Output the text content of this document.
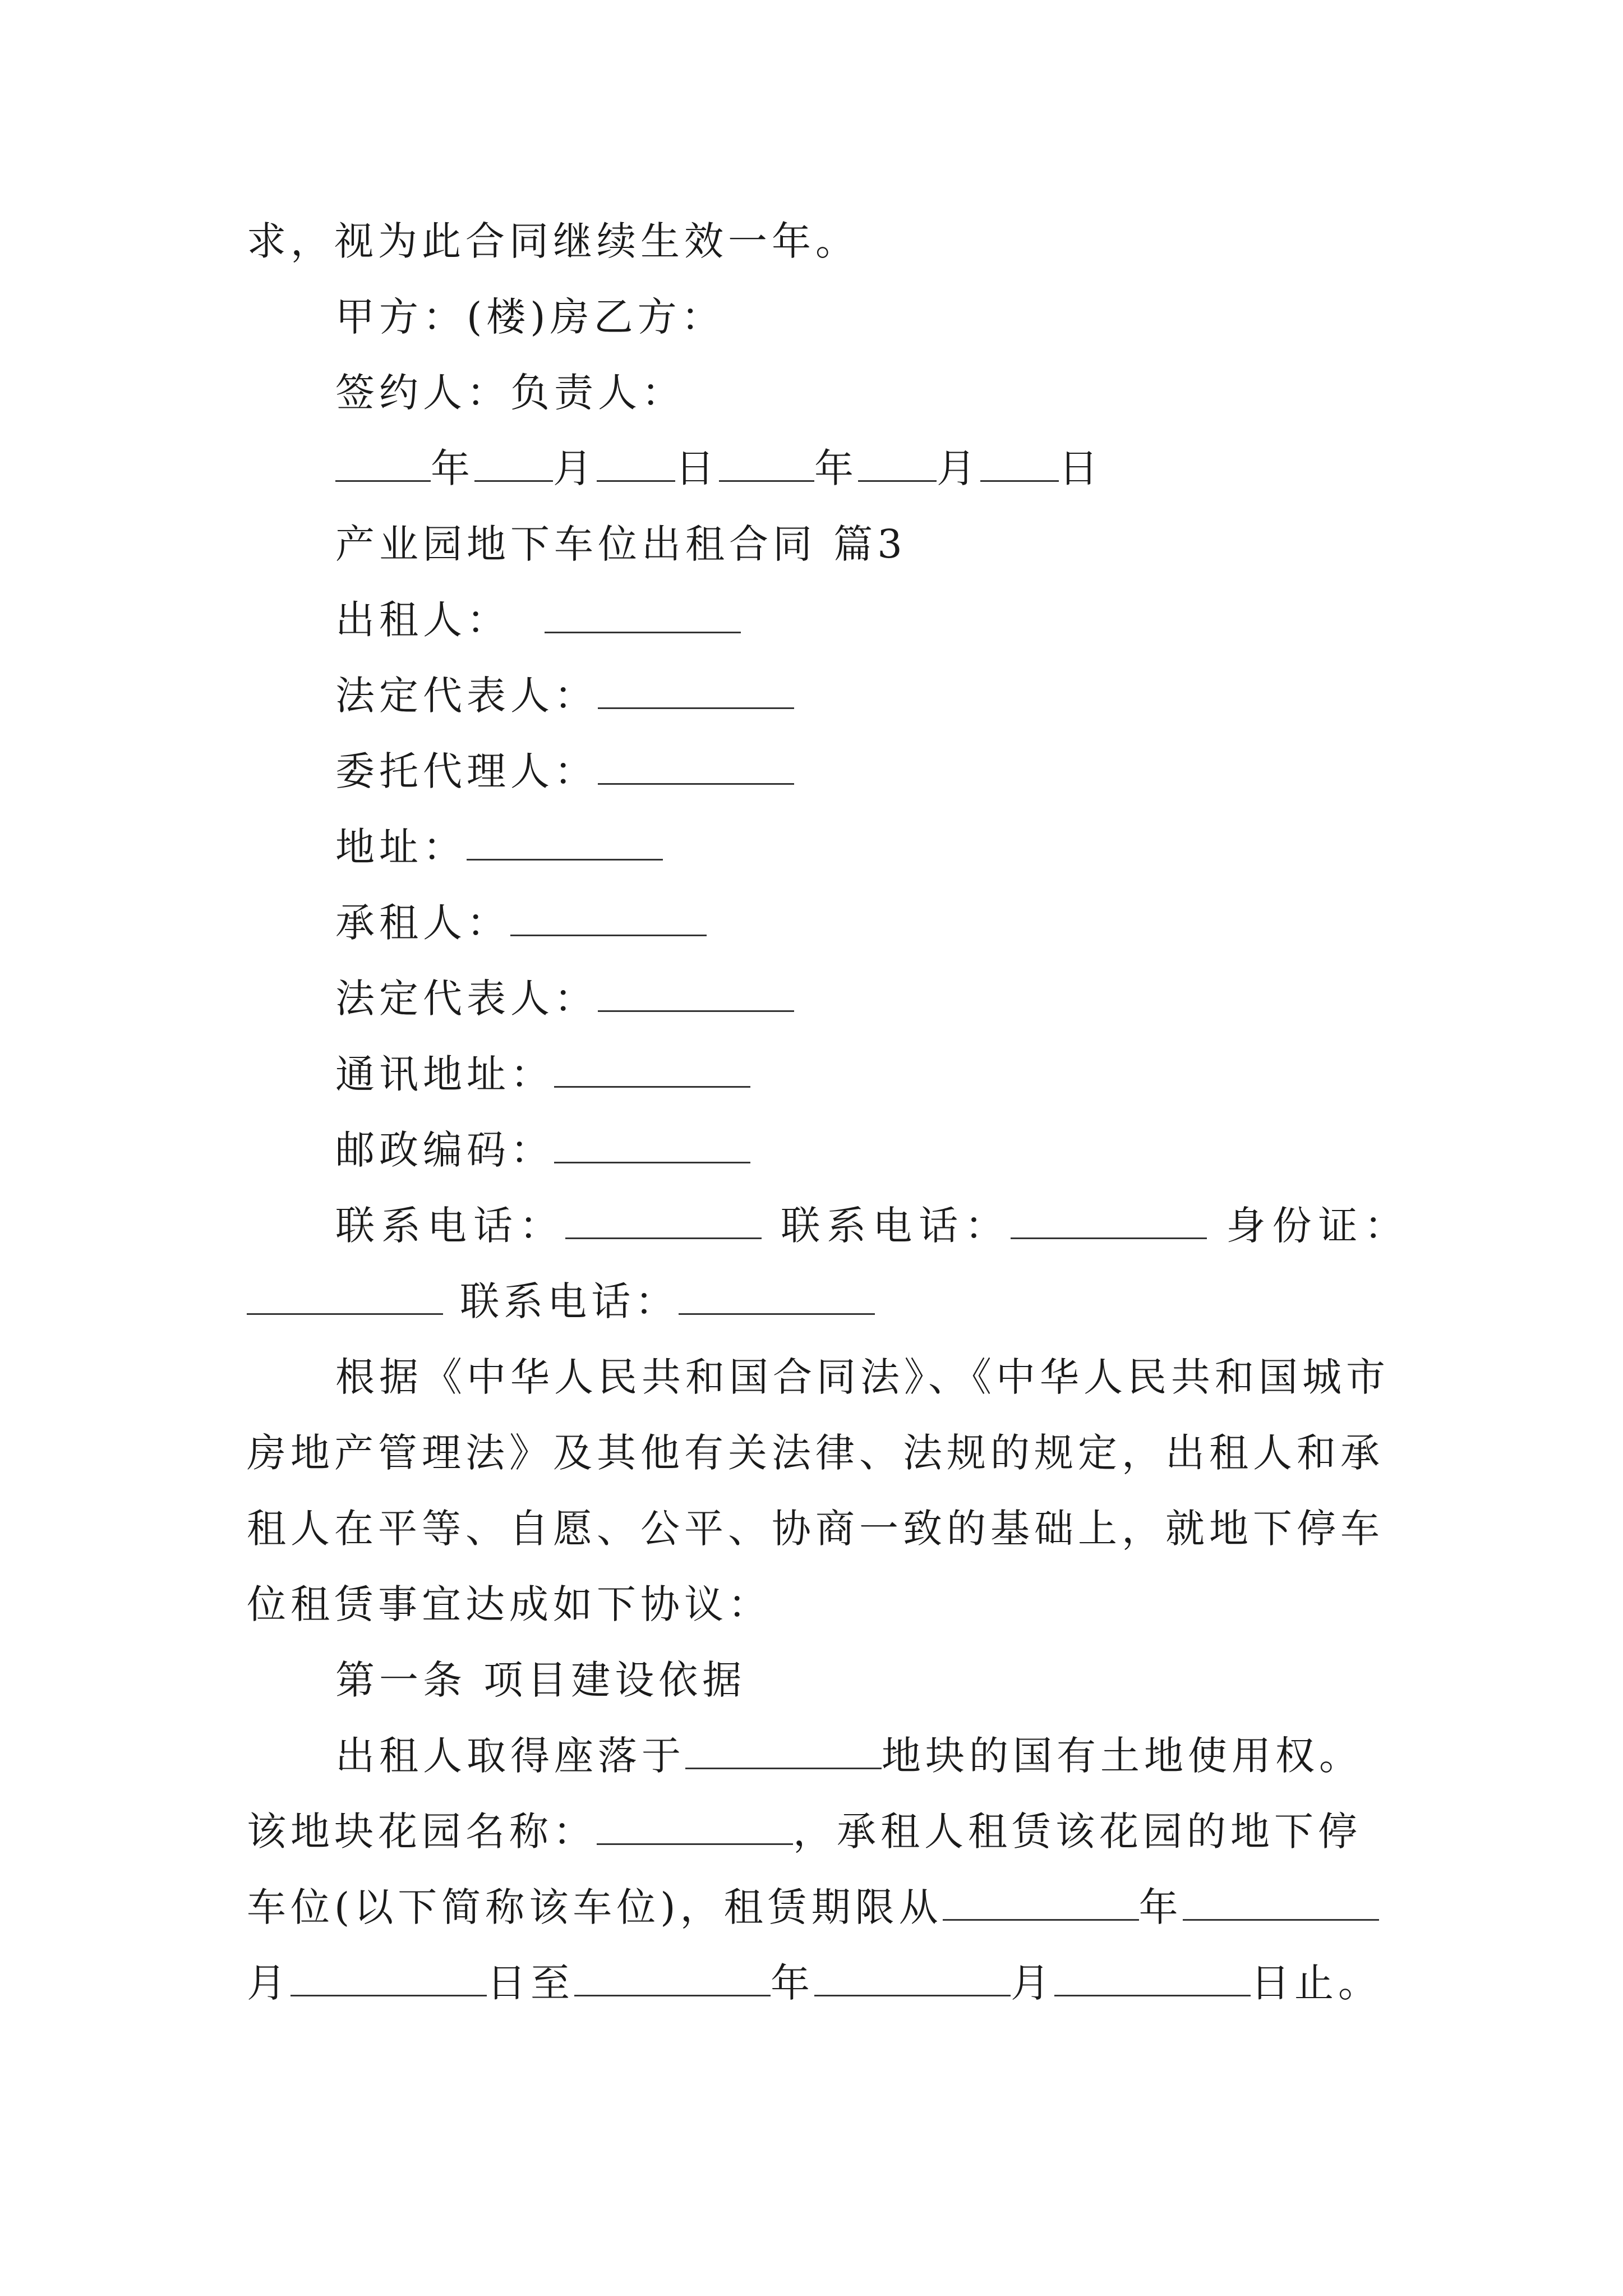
求，视为此合同继续生效一年。
甲方：(楼)房乙方：
签约人：负责人：
年 月 日 年 月 日
产业园地下车位出租合同 篇3
出租人：
法定代表人：
委托代理人：
地址：
承租人：
法定代表人：
通讯地址：
邮政编码：
联系电话：	联系电话：	身份证：
联系电话：
根据《中华人民共和国合同法》、《中华人民共和国城市
房地产管理法》及其他有关法律、法规的规定，出租人和承
租人在平等、自愿、公平、协商一致的基础上，就地下停车
位租赁事宜达成如下协议：
第一条 项目建设依据
出租人取得座落于	地块的国有土地使用权。
该地块花园名称：	，承租人租赁该花园的地下停
车位(以下简称该车位)，租赁期限从	年
月	日至	年	月	日止。
